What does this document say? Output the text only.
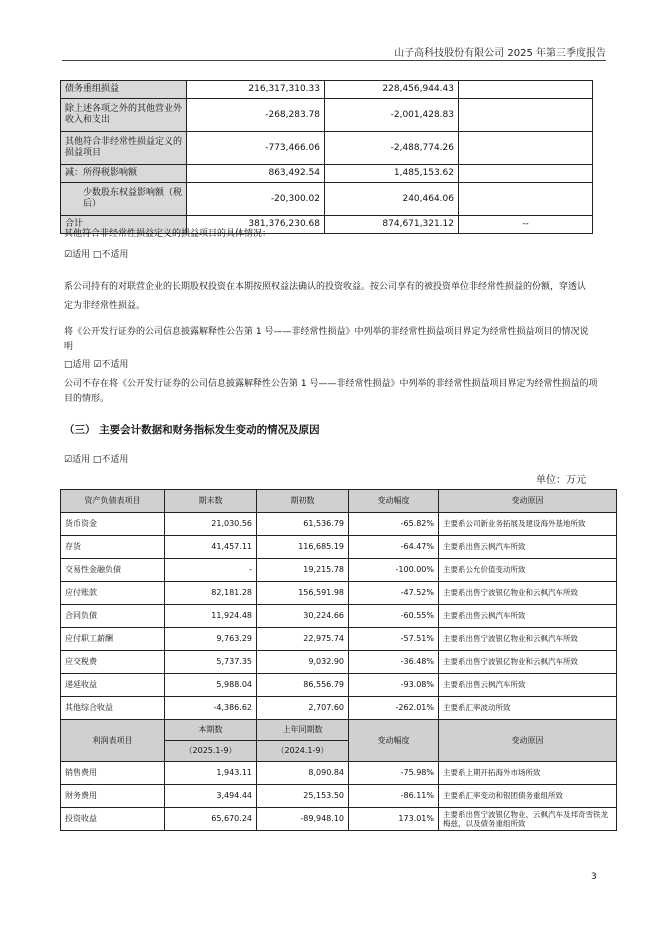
山子高科技股份有限公司 2025 年第三季度报告
债务重组损益	216,317,310.33	228,456,944.43	
除上述各项之外的其他营业外收入和支出	-268,283.78	-2,001,428.83	
其他符合非经常性损益定义的损益项目	-773,466.06	-2,488,774.26	
减：所得税影响额	863,492.54	1,485,153.62	
少数股东权益影响额（税后）	-20,300.02	240,464.06	
合计	381,376,230.68	874,671,321.12	--
其他符合非经常性损益定义的损益项目的具体情况：
☑适用 □不适用
系公司持有的对联营企业的长期股权投资在本期按照权益法确认的投资收益。按公司享有的被投资单位非经常性损益的份额，穿透认定为非经常性损益。
将《公开发行证券的公司信息披露解释性公告第 1 号——非经常性损益》中列举的非经常性损益项目界定为经常性损益项目的情况说明
□适用 ☑不适用
公司不存在将《公开发行证券的公司信息披露解释性公告第 1 号——非经常性损益》中列举的非经常性损益项目界定为经常性损益的项目的情形。
（三） 主要会计数据和财务指标发生变动的情况及原因
☑适用 □不适用
单位：万元
资产负债表项目	期末数	期初数	变动幅度	变动原因
货币资金	21,030.56	61,536.79	-65.82%	主要系公司新业务拓展及建设海外基地所致
存货	41,457.11	116,685.19	-64.47%	主要系出售云枫汽车所致
交易性金融负债	-	19,215.78	-100.00%	主要系公允价值变动所致
应付账款	82,181.28	156,591.98	-47.52%	主要系出售宁波银亿物业和云枫汽车所致
合同负债	11,924.48	30,224.66	-60.55%	主要系出售云枫汽车所致
应付职工薪酬	9,763.29	22,975.74	-57.51%	主要系出售宁波银亿物业和云枫汽车所致
应交税费	5,737.35	9,032.90	-36.48%	主要系出售宁波银亿物业和云枫汽车所致
递延收益	5,988.04	86,556.79	-93.08%	主要系出售云枫汽车所致
其他综合收益	-4,386.62	2,707.60	-262.01%	主要系汇率波动所致
利润表项目	本期数	上年同期数	变动幅度	变动原因
	（2025.1-9）	（2024.1-9）		
销售费用	1,943.11	8,090.84	-75.98%	主要系上期开拓海外市场所致
财务费用	3,494.44	25,153.50	-86.11%	主要系汇率变动和银团债务重组所致
投资收益	65,670.24	-89,948.10	173.01%	主要系出售宁波银亿物业、云枫汽车及邦奇雪铁龙梅兹，以及债务重组所致
3
